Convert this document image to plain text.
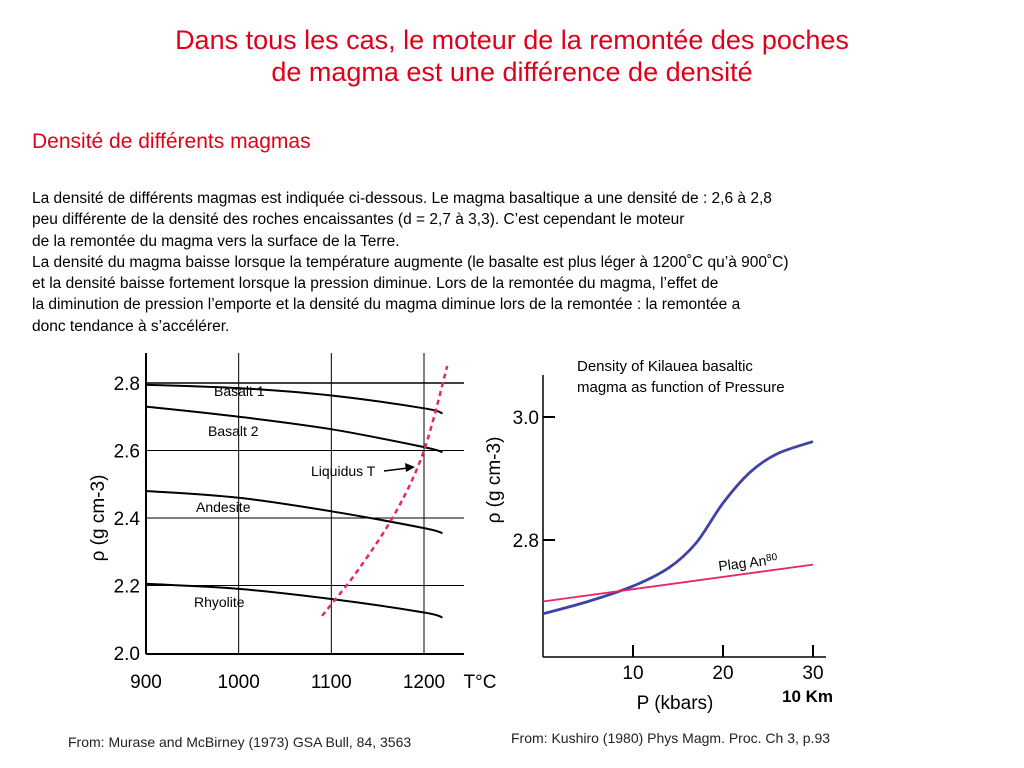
Dans tous les cas, le moteur de la remontée des poches
de magma est une différence de densité
Densité de différents magmas
La densité de différents magmas est indiquée ci-dessous. Le magma basaltique a une densité de : 2,6 à 2,8
peu différente de la densité des roches encaissantes (d = 2,7 à 3,3). C’est cependant le moteur
de la remontée du magma vers la surface de la Terre.
La densité du magma baisse lorsque la température augmente (le basalte est plus léger à 1200˚C qu’à 900˚C)
et la densité baisse fortement lorsque la pression diminue. Lors de la remontée du magma, l’effet de
la diminution de pression l’emporte et la densité du magma diminue lors de la remontée : la remontée a
donc tendance à s’accélérer.
2.0
2.2
2.4
2.6
2.8
900	1000	1100	1200 T°C
ρ (g cm-3)
Basalt 1
Basalt 2
Andesite
Rhyolite
Liquidus T
Density of Kilauea basaltic
magma as function of Pressure
2.8
3.0
10	20	30
P (kbars)
ρ (g cm-3)
Plag An$^{80}$
10 Km
From: Murase and McBirney (1973) GSA Bull, 84, 3563	From: Kushiro (1980) Phys Magm. Proc. Ch 3, p.93
